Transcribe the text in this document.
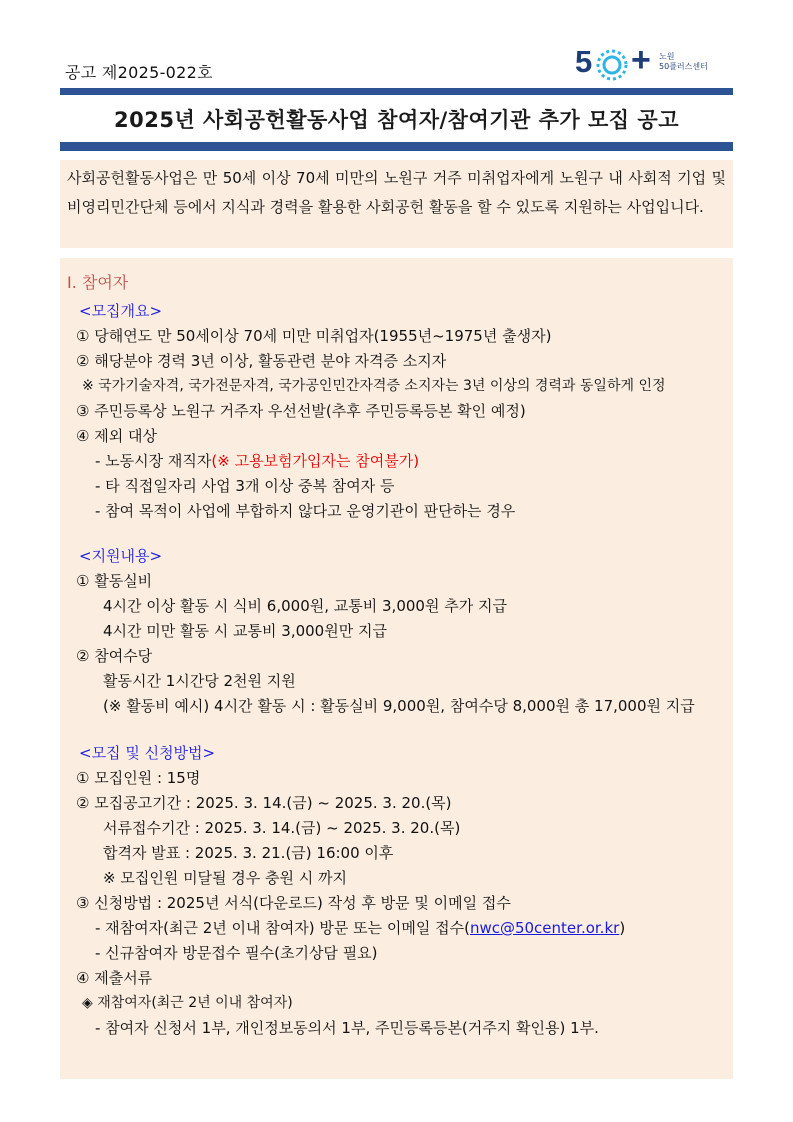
공고 제2025-022호	5 + 노원
50플러스센터
2025년 사회공헌활동사업 참여자/참여기관 추가 모집 공고
사회공헌활동사업은 만 50세 이상 70세 미만의 노원구 거주 미취업자에게 노원구 내 사회적 기업 및 비영리민간단체 등에서 지식과 경력을 활용한 사회공헌 활동을 할 수 있도록 지원하는 사업입니다.
Ⅰ. 참여자
<모집개요>
① 당해연도 만 50세이상 70세 미만 미취업자(1955년~1975년 출생자)
② 해당분야 경력 3년 이상, 활동관련 분야 자격증 소지자
※ 국가기술자격, 국가전문자격, 국가공인민간자격증 소지자는 3년 이상의 경력과 동일하게 인정
③ 주민등록상 노원구 거주자 우선선발(추후 주민등록등본 확인 예정)
④ 제외 대상
- 노동시장 재직자(※ 고용보험가입자는 참여불가)
- 타 직접일자리 사업 3개 이상 중복 참여자 등
- 참여 목적이 사업에 부합하지 않다고 운영기관이 판단하는 경우
<지원내용>
① 활동실비
4시간 이상 활동 시 식비 6,000원, 교통비 3,000원 추가 지급
4시간 미만 활동 시 교통비 3,000원만 지급
② 참여수당
활동시간 1시간당 2천원 지원
(※ 활동비 예시) 4시간 활동 시 : 활동실비 9,000원, 참여수당 8,000원 총 17,000원 지급
<모집 및 신청방법>
① 모집인원 : 15명
② 모집공고기간 : 2025. 3. 14.(금) ~ 2025. 3. 20.(목)
서류접수기간 : 2025. 3. 14.(금) ~ 2025. 3. 20.(목)
합격자 발표 : 2025. 3. 21.(금) 16:00 이후
※ 모집인원 미달될 경우 충원 시 까지
③ 신청방법 : 2025년 서식(다운로드) 작성 후 방문 및 이메일 접수
- 재참여자(최근 2년 이내 참여자) 방문 또는 이메일 접수(nwc@50center.or.kr)
- 신규참여자 방문접수 필수(초기상담 필요)
④ 제출서류
◈ 재참여자(최근 2년 이내 참여자)
- 참여자 신청서 1부, 개인정보동의서 1부, 주민등록등본(거주지 확인용) 1부.
